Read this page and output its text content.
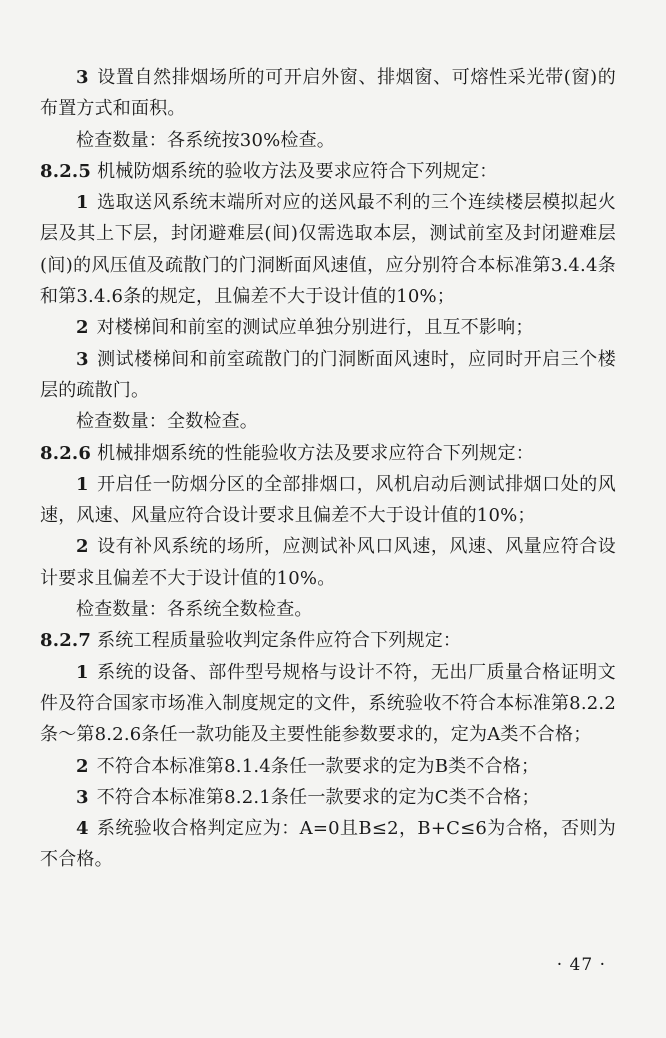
3 设置自然排烟场所的可开启外窗、排烟窗、可熔性采光带(窗)的布置方式和面积。

检查数量：各系统按30%检查。

8.2.5 机械防烟系统的验收方法及要求应符合下列规定：

1 选取送风系统末端所对应的送风最不利的三个连续楼层模拟起火层及其上下层，封闭避难层(间)仅需选取本层，测试前室及封闭避难层(间)的风压值及疏散门的门洞断面风速值，应分别符合本标准第3.4.4条和第3.4.6条的规定，且偏差不大于设计值的10%；

2 对楼梯间和前室的测试应单独分别进行，且互不影响；

3 测试楼梯间和前室疏散门的门洞断面风速时，应同时开启三个楼层的疏散门。

检查数量：全数检查。

8.2.6 机械排烟系统的性能验收方法及要求应符合下列规定：

1 开启任一防烟分区的全部排烟口，风机启动后测试排烟口处的风速，风速、风量应符合设计要求且偏差不大于设计值的10%；

2 设有补风系统的场所，应测试补风口风速，风速、风量应符合设计要求且偏差不大于设计值的10%。

检查数量：各系统全数检查。

8.2.7 系统工程质量验收判定条件应符合下列规定：

1 系统的设备、部件型号规格与设计不符，无出厂质量合格证明文件及符合国家市场准入制度规定的文件，系统验收不符合本标准第8.2.2条～第8.2.6条任一款功能及主要性能参数要求的，定为A类不合格；

2 不符合本标准第8.1.4条任一款要求的定为B类不合格；

3 不符合本标准第8.2.1条任一款要求的定为C类不合格；

4 系统验收合格判定应为：A=0且B≤2，B+C≤6为合格，否则为不合格。

· 47 ·
